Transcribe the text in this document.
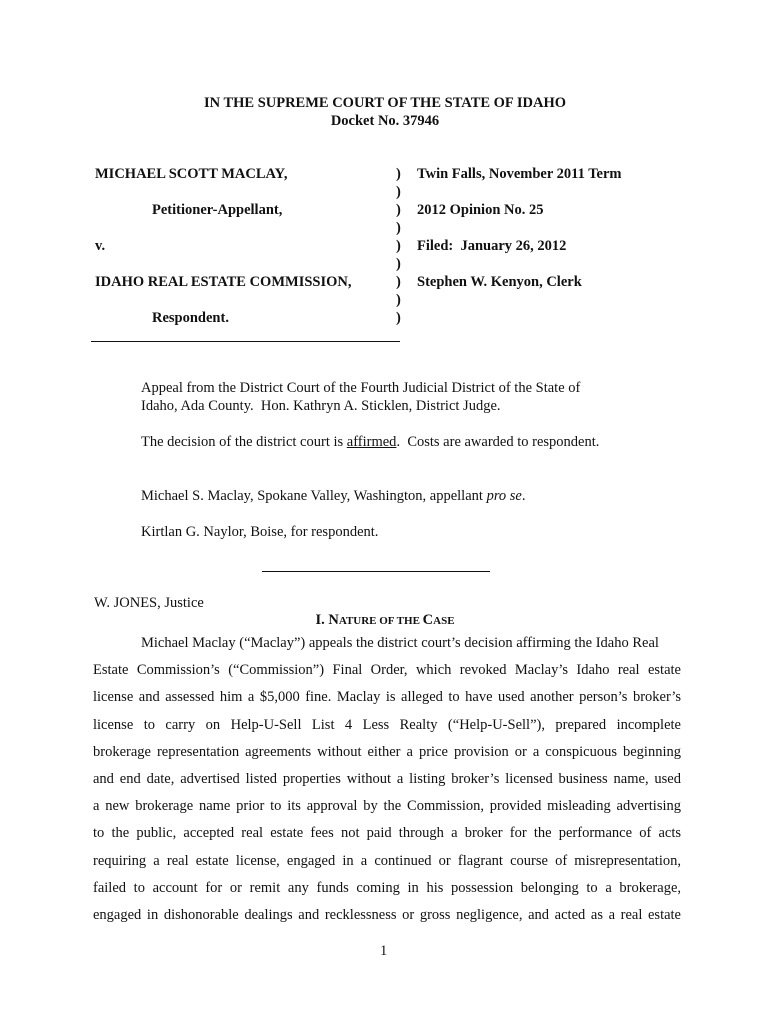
IN THE SUPREME COURT OF THE STATE OF IDAHO
Docket No. 37946
MICHAEL SCOTT MACLAY,
Petitioner-Appellant,
v.
IDAHO REAL ESTATE COMMISSION,
Respondent.
)
)
)
)
)
)
)
)
)
Twin Falls, November 2011 Term
2012 Opinion No. 25
Filed:  January 26, 2012
Stephen W. Kenyon, Clerk
Appeal from the District Court of the Fourth Judicial District of the State of Idaho, Ada County.  Hon. Kathryn A. Sticklen, District Judge.
The decision of the district court is affirmed.  Costs are awarded to respondent.
Michael S. Maclay, Spokane Valley, Washington, appellant pro se.
Kirtlan G. Naylor, Boise, for respondent.
W. JONES, Justice
I. NATURE OF THE CASE
Michael Maclay (“Maclay”) appeals the district court’s decision affirming the Idaho Real
Estate Commission’s (“Commission”) Final Order, which revoked Maclay’s Idaho real estate
license and assessed him a $5,000 fine. Maclay is alleged to have used another person’s broker’s
license to carry on Help-U-Sell List 4 Less Realty (“Help-U-Sell”), prepared incomplete
brokerage representation agreements without either a price provision or a conspicuous beginning
and end date, advertised listed properties without a listing broker’s licensed business name, used
a new brokerage name prior to its approval by the Commission, provided misleading advertising
to the public, accepted real estate fees not paid through a broker for the performance of acts
requiring a real estate license, engaged in a continued or flagrant course of misrepresentation,
failed to account for or remit any funds coming in his possession belonging to a brokerage,
engaged in dishonorable dealings and recklessness or gross negligence, and acted as a real estate
1
